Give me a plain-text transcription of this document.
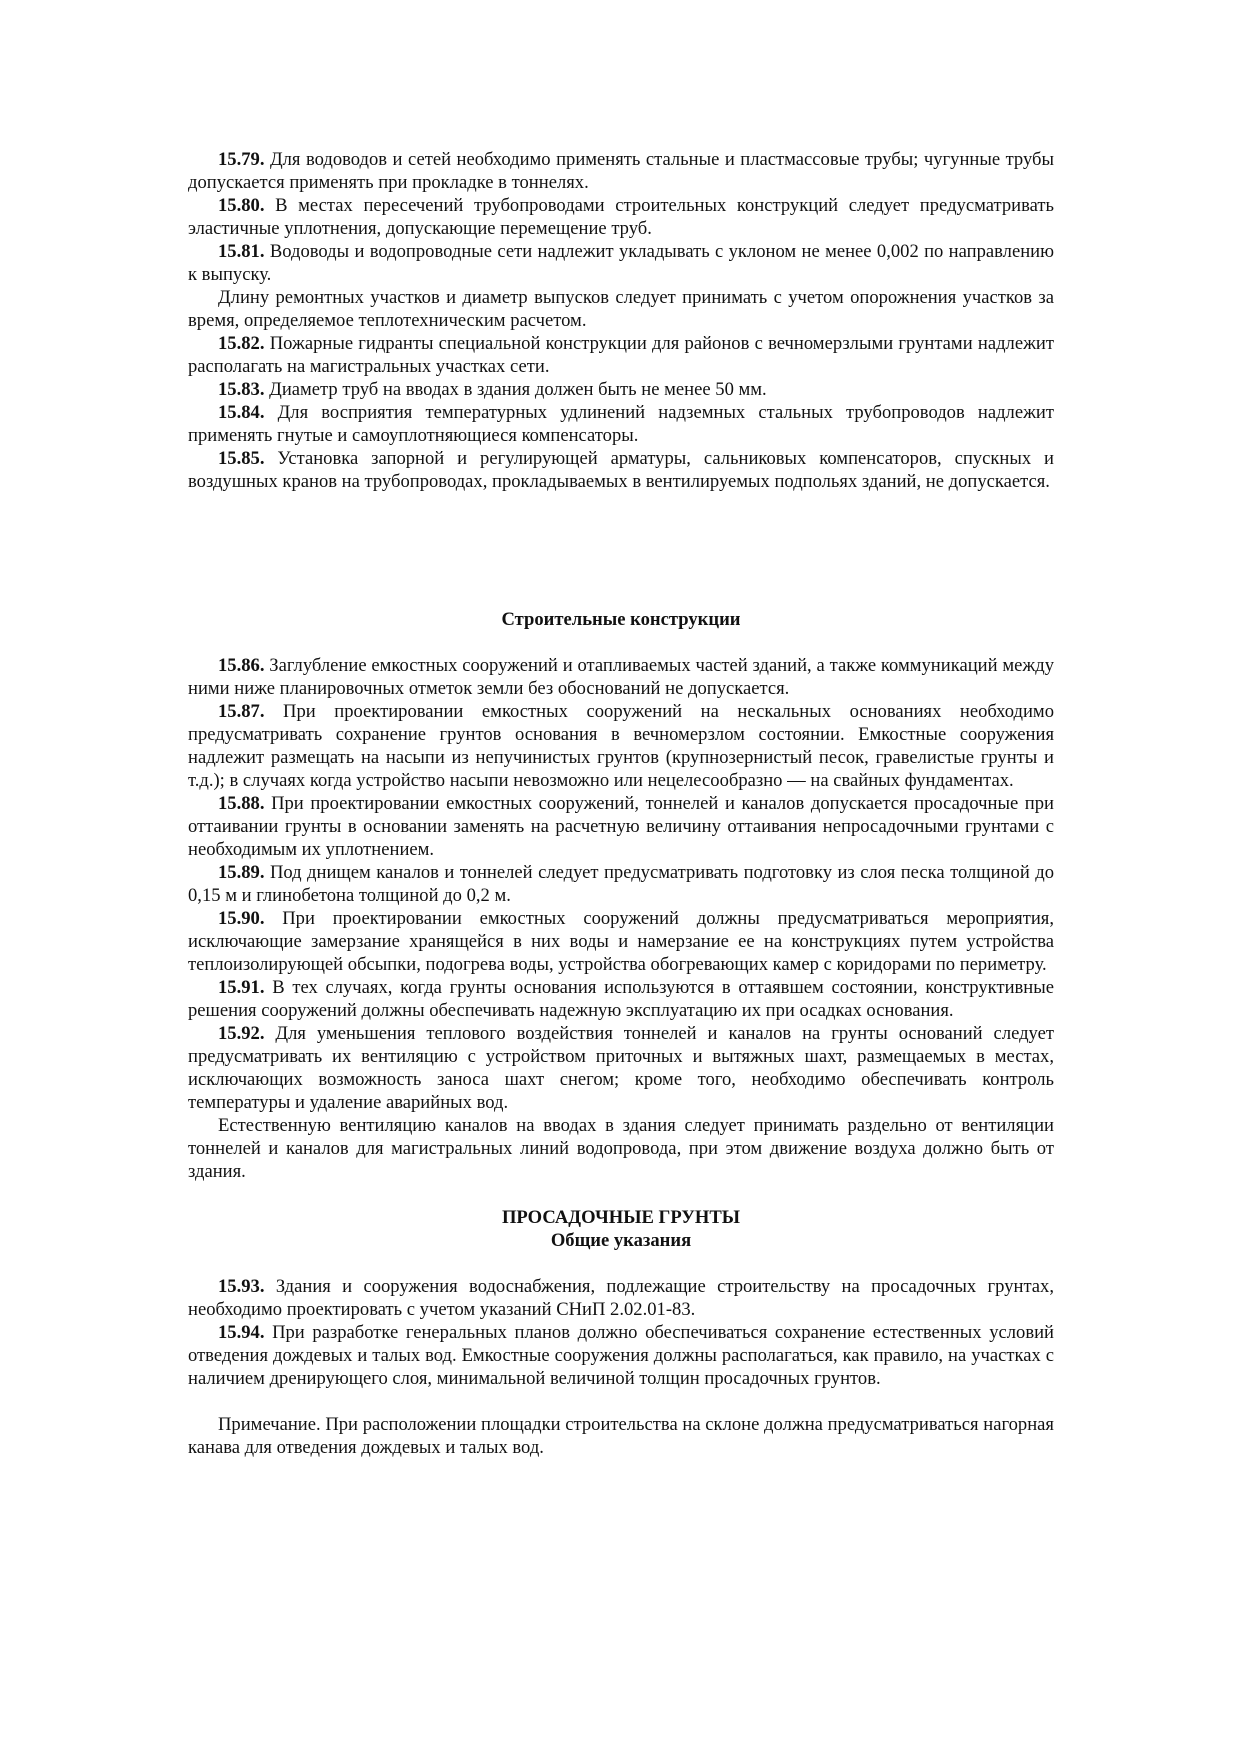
15.79. Для водоводов и сетей необходимо применять стальные и пластмассовые трубы; чугунные трубы допускается применять при прокладке в тоннелях.

15.80. В местах пересечений трубопроводами строительных конструкций следует предусматривать эластичные уплотнения, допускающие перемещение труб.

15.81. Водоводы и водопроводные сети надлежит укладывать с уклоном не менее 0,002 по направлению к выпуску.

Длину ремонтных участков и диаметр выпусков следует принимать с учетом опорожнения участков за время, определяемое теплотехническим расчетом.

15.82. Пожарные гидранты специальной конструкции для районов с вечномерзлыми грунтами надлежит располагать на магистральных участках сети.

15.83. Диаметр труб на вводах в здания должен быть не менее 50 мм.

15.84. Для восприятия температурных удлинений надземных стальных трубопроводов надлежит применять гнутые и самоуплотняющиеся компенсаторы.

15.85. Установка запорной и регулирующей арматуры, сальниковых компенсаторов, спускных и воздушных кранов на трубопроводах, прокладываемых в вентилируемых подпольях зданий, не допускается.

Строительные конструкции

15.86. Заглубление емкостных сооружений и отапливаемых частей зданий, а также коммуникаций между ними ниже планировочных отметок земли без обоснований не допускается.

15.87. При проектировании емкостных сооружений на нескальных основаниях необходимо предусматривать сохранение грунтов основания в вечномерзлом состоянии. Емкостные сооружения надлежит размещать на насыпи из непучинистых грунтов (крупнозернистый песок, гравелистые грунты и т.д.); в случаях когда устройство насыпи невозможно или нецелесообразно — на свайных фундаментах.

15.88. При проектировании емкостных сооружений, тоннелей и каналов допускается просадочные при оттаивании грунты в основании заменять на расчетную величину оттаивания непросадочными грунтами с необходимым их уплотнением.

15.89. Под днищем каналов и тоннелей следует предусматривать подготовку из слоя песка толщиной до 0,15 м и глинобетона толщиной до 0,2 м.

15.90. При проектировании емкостных сооружений должны предусматриваться мероприятия, исключающие замерзание хранящейся в них воды и намерзание ее на конструкциях путем устройства теплоизолирующей обсыпки, подогрева воды, устройства обогревающих камер с коридорами по периметру.

15.91. В тех случаях, когда грунты основания используются в оттаявшем состоянии, конструктивные решения сооружений должны обеспечивать надежную эксплуатацию их при осадках основания.

15.92. Для уменьшения теплового воздействия тоннелей и каналов на грунты оснований следует предусматривать их вентиляцию с устройством приточных и вытяжных шахт, размещаемых в местах, исключающих возможность заноса шахт снегом; кроме того, необходимо обеспечивать контроль температуры и удаление аварийных вод.

Естественную вентиляцию каналов на вводах в здания следует принимать раздельно от вентиляции тоннелей и каналов для магистральных линий водопровода, при этом движение воздуха должно быть от здания.

ПРОСАДОЧНЫЕ ГРУНТЫ

Общие указания

15.93. Здания и сооружения водоснабжения, подлежащие строительству на просадочных грунтах, необходимо проектировать с учетом указаний СНиП 2.02.01-83.

15.94. При разработке генеральных планов должно обеспечиваться сохранение естественных условий отведения дождевых и талых вод. Емкостные сооружения должны располагаться, как правило, на участках с наличием дренирующего слоя, минимальной величиной толщин просадочных грунтов.

Примечание. При расположении площадки строительства на склоне должна предусматриваться нагорная канава для отведения дождевых и талых вод.
